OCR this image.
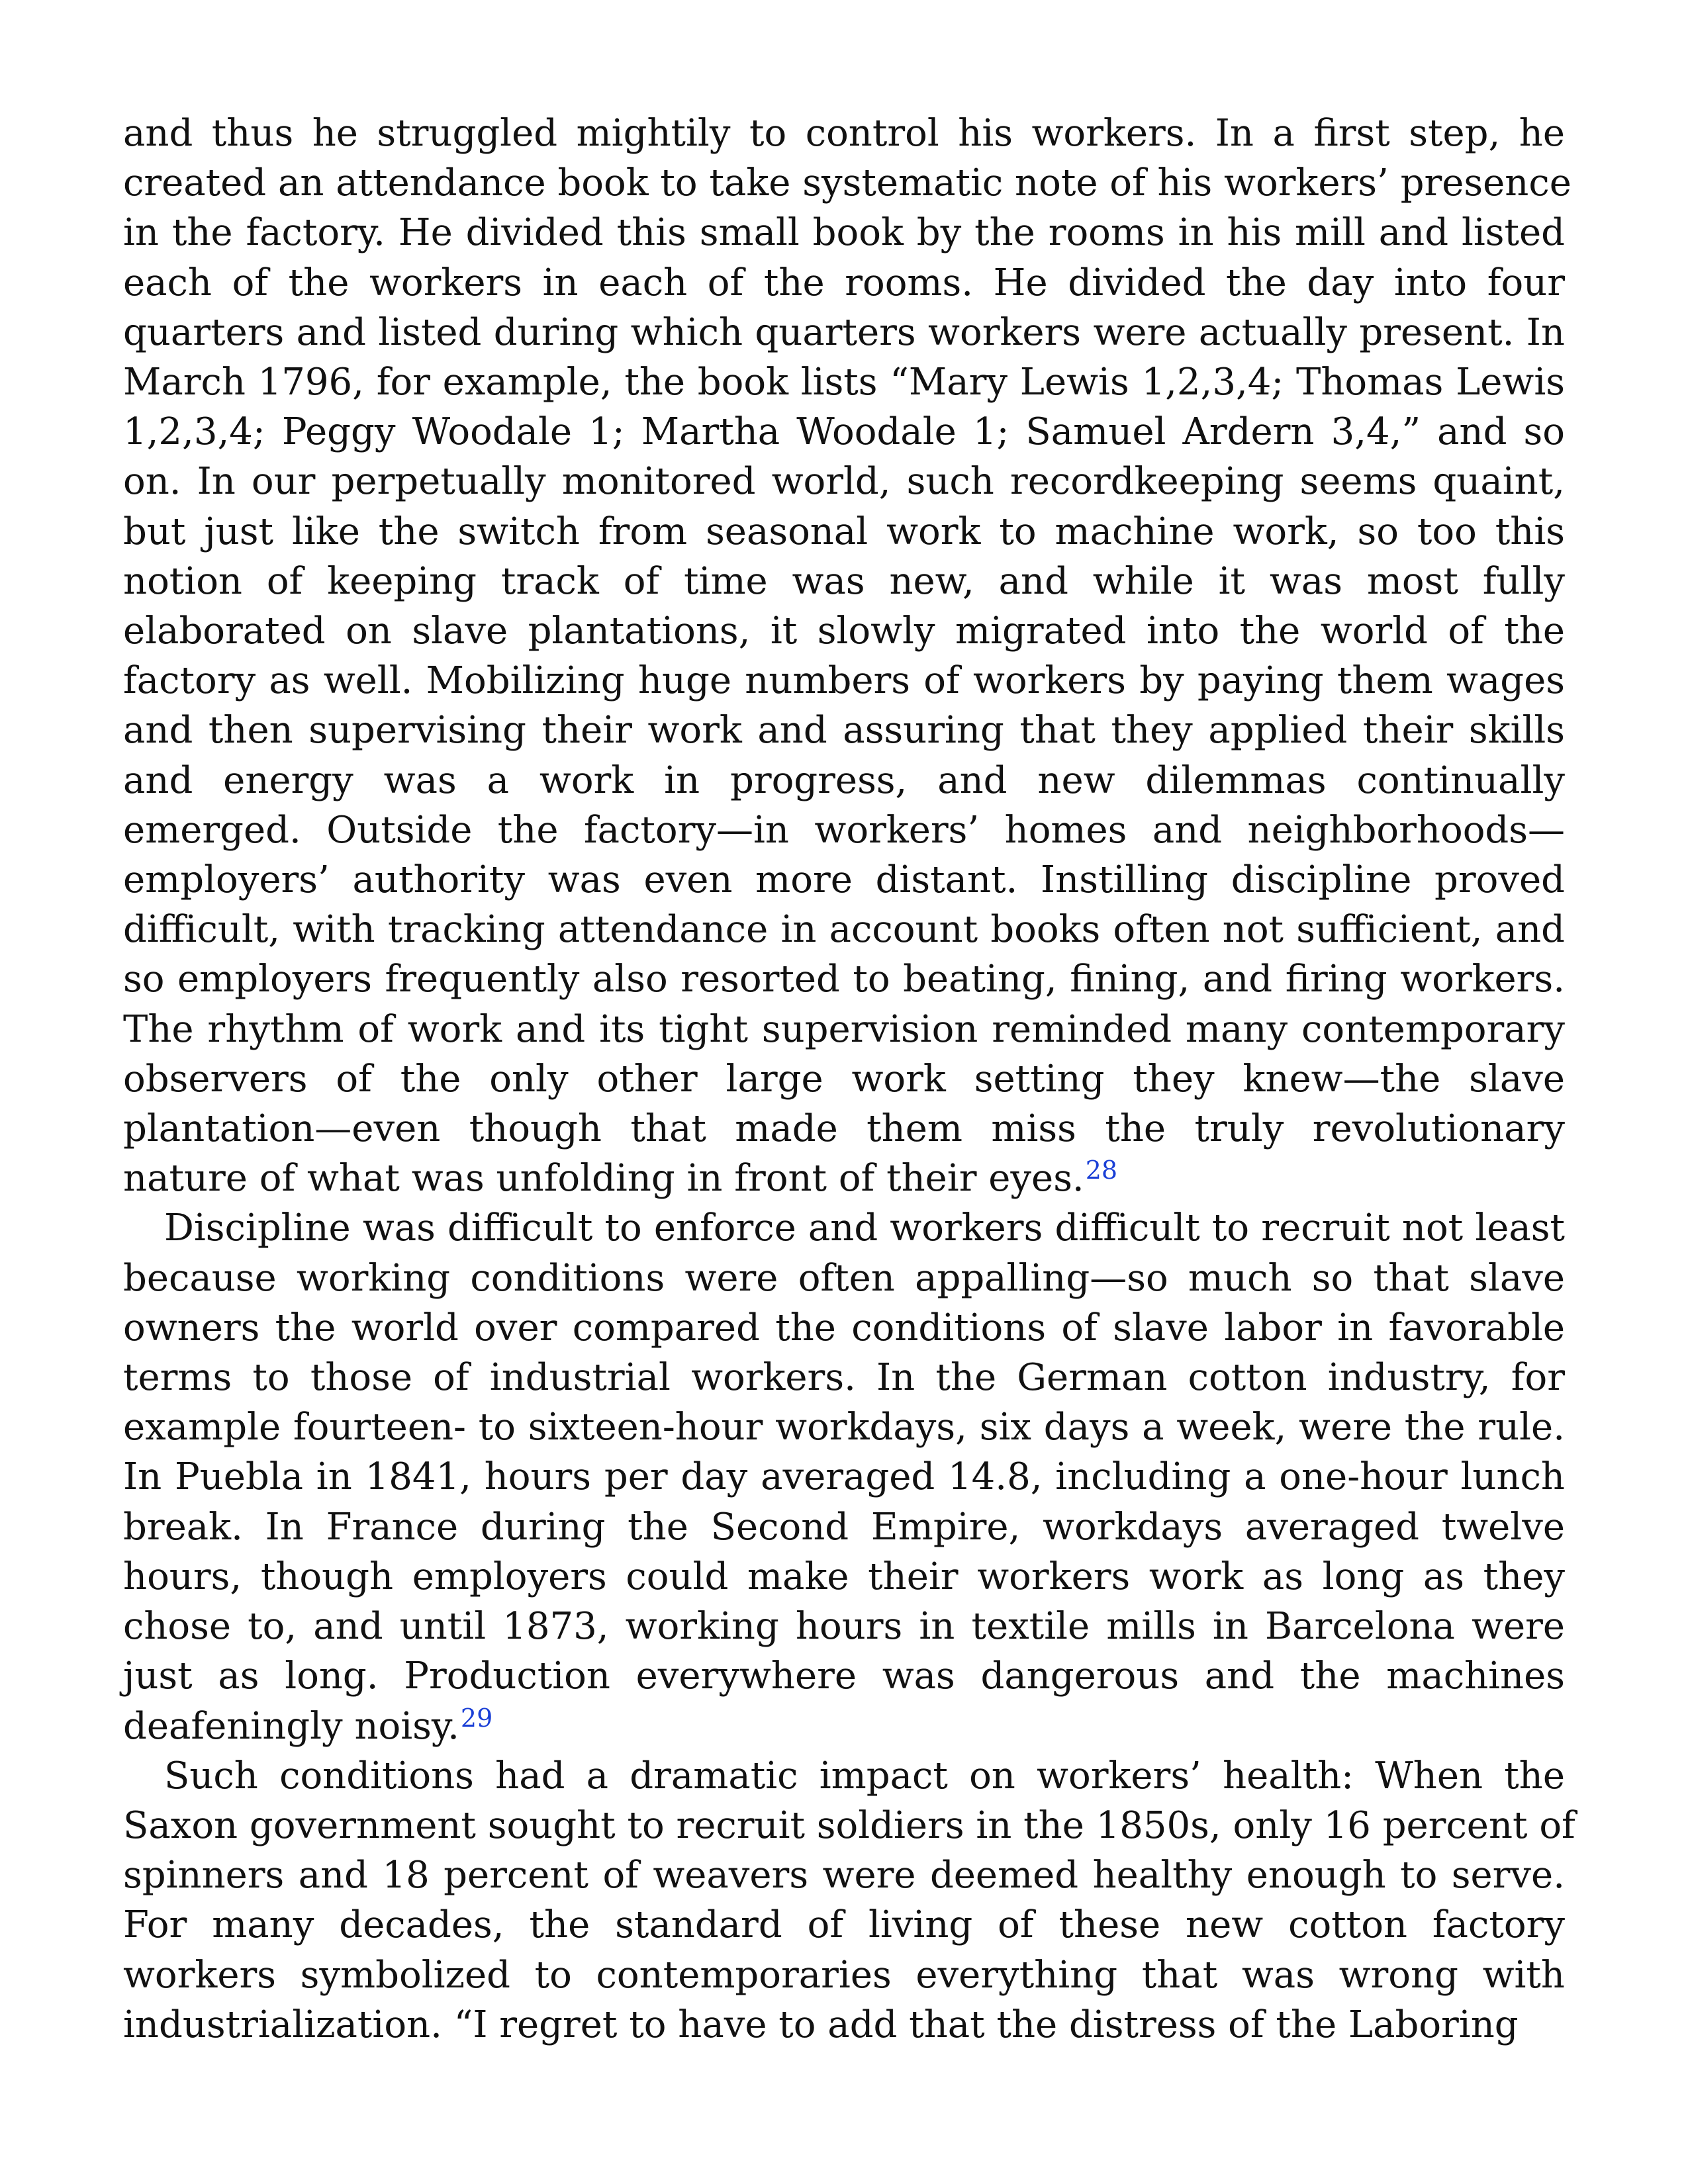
and thus he struggled mightily to control his workers. In a first step, he
created an attendance book to take systematic note of his workers’ presence
in the factory. He divided this small book by the rooms in his mill and listed
each of the workers in each of the rooms. He divided the day into four
quarters and listed during which quarters workers were actually present. In
March 1796, for example, the book lists “Mary Lewis 1,2,3,4; Thomas Lewis
1,2,3,4; Peggy Woodale 1; Martha Woodale 1; Samuel Ardern 3,4,” and so
on. In our perpetually monitored world, such recordkeeping seems quaint,
but just like the switch from seasonal work to machine work, so too this
notion of keeping track of time was new, and while it was most fully
elaborated on slave plantations, it slowly migrated into the world of the
factory as well. Mobilizing huge numbers of workers by paying them wages
and then supervising their work and assuring that they applied their skills
and energy was a work in progress, and new dilemmas continually
emerged. Outside the factory—in workers’ homes and neighborhoods—
employers’ authority was even more distant. Instilling discipline proved
difficult, with tracking attendance in account books often not sufficient, and
so employers frequently also resorted to beating, fining, and firing workers.
The rhythm of work and its tight supervision reminded many contemporary
observers of the only other large work setting they knew—the slave
plantation—even though that made them miss the truly revolutionary
nature of what was unfolding in front of their eyes.$^{28}$
Discipline was difficult to enforce and workers difficult to recruit not least
because working conditions were often appalling—so much so that slave
owners the world over compared the conditions of slave labor in favorable
terms to those of industrial workers. In the German cotton industry, for
example fourteen- to sixteen-hour workdays, six days a week, were the rule.
In Puebla in 1841, hours per day averaged 14.8, including a one-hour lunch
break. In France during the Second Empire, workdays averaged twelve
hours, though employers could make their workers work as long as they
chose to, and until 1873, working hours in textile mills in Barcelona were
just as long. Production everywhere was dangerous and the machines
deafeningly noisy.$^{29}$
Such conditions had a dramatic impact on workers’ health: When the
Saxon government sought to recruit soldiers in the 1850s, only 16 percent of
spinners and 18 percent of weavers were deemed healthy enough to serve.
For many decades, the standard of living of these new cotton factory
workers symbolized to contemporaries everything that was wrong with
industrialization. “I regret to have to add that the distress of the Laboring
